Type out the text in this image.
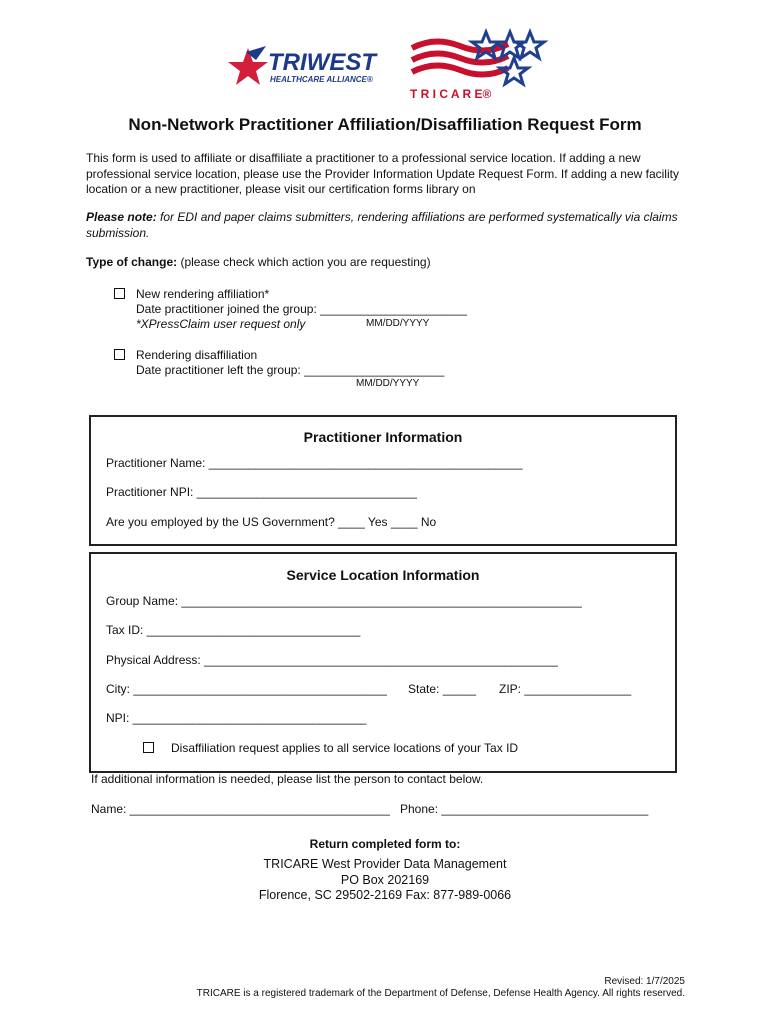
TRIWEST
HEALTHCARE ALLIANCE®
T R I C A R E®
Non-Network Practitioner Affiliation/Disaffiliation Request Form
This form is used to affiliate or disaffiliate a practitioner to a professional service location. If adding a new professional service location, please use the Provider Information Update Request Form. If adding a new facility location or a new practitioner, please visit our certification forms library on
Please note: for EDI and paper claims submitters, rendering affiliations are performed systematically via claims submission.
Type of change: (please check which action you are requesting)
New rendering affiliation*
Date practitioner joined the group: ______________________
*XPressClaim user request only	MM/DD/YYYY
Rendering disaffiliation
Date practitioner left the group: _____________________
MM/DD/YYYY
Practitioner Information
Practitioner Name: _______________________________________________
Practitioner NPI: _________________________________
Are you employed by the US Government? ____ Yes ____ No
Service Location Information
Group Name: ____________________________________________________________
Tax ID: ________________________________
Physical Address: _____________________________________________________
City: ______________________________________ State: _____ ZIP: ________________
NPI: ___________________________________
Disaffiliation request applies to all service locations of your Tax ID
If additional information is needed, please list the person to contact below.
Name: _______________________________________ Phone: _______________________________
Return completed form to:
TRICARE West Provider Data Management
PO Box 202169
Florence, SC 29502-2169 Fax: 877-989-0066
Revised: 1/7/2025
TRICARE is a registered trademark of the Department of Defense, Defense Health Agency. All rights reserved.
